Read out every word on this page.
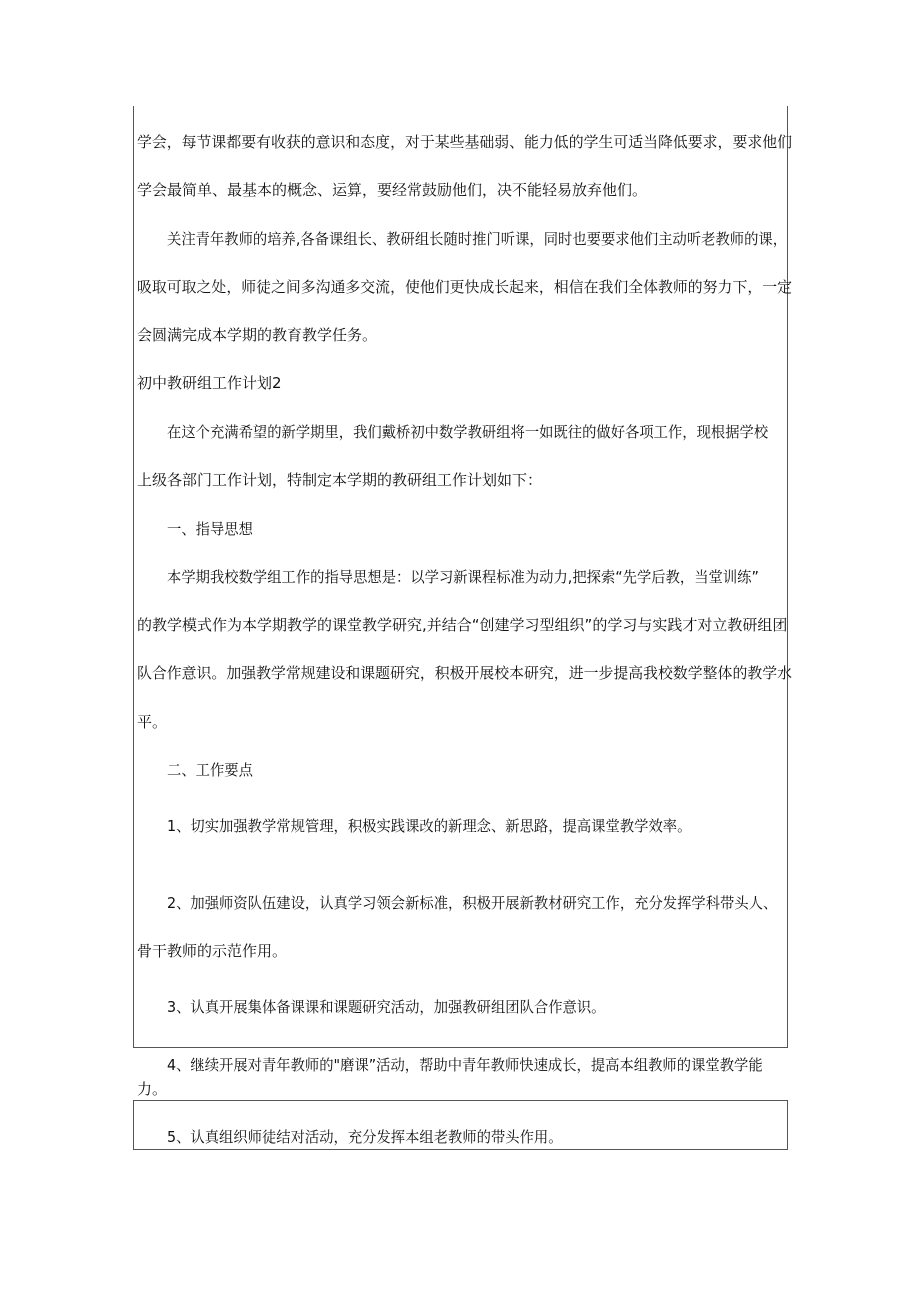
学会，每节课都要有收获的意识和态度，对于某些基础弱、能力低的学生可适当降低要求，要求他们
学会最简单、最基本的概念、运算，要经常鼓励他们，决不能轻易放弃他们。
关注青年教师的培养,各备课组长、教研组长随时推门听课，同时也要要求他们主动听老教师的课，
吸取可取之处，师徒之间多沟通多交流，使他们更快成长起来，相信在我们全体教师的努力下，一定
会圆满完成本学期的教育教学任务。
初中教研组工作计划2
在这个充满希望的新学期里，我们戴桥初中数学教研组将一如既往的做好各项工作，现根据学校
上级各部门工作计划，特制定本学期的教研组工作计划如下：
一、指导思想
本学期我校数学组工作的指导思想是：以学习新课程标准为动力,把探索“先学后教，当堂训练”
的教学模式作为本学期教学的课堂教学研究,并结合“创建学习型组织”的学习与实践才对立教研组团
队合作意识。加强教学常规建设和课题研究，积极开展校本研究，进一步提高我校数学整体的教学水
平。
二、工作要点
1、切实加强教学常规管理，积极实践课改的新理念、新思路，提高课堂教学效率。
2、加强师资队伍建设，认真学习领会新标准，积极开展新教材研究工作，充分发挥学科带头人、
骨干教师的示范作用。
3、认真开展集体备课课和课题研究活动，加强教研组团队合作意识。
4、继续开展对青年教师的"磨课”活动，帮助中青年教师快速成长，提高本组教师的课堂教学能
力。
5、认真组织师徒结对活动，充分发挥本组老教师的带头作用。
